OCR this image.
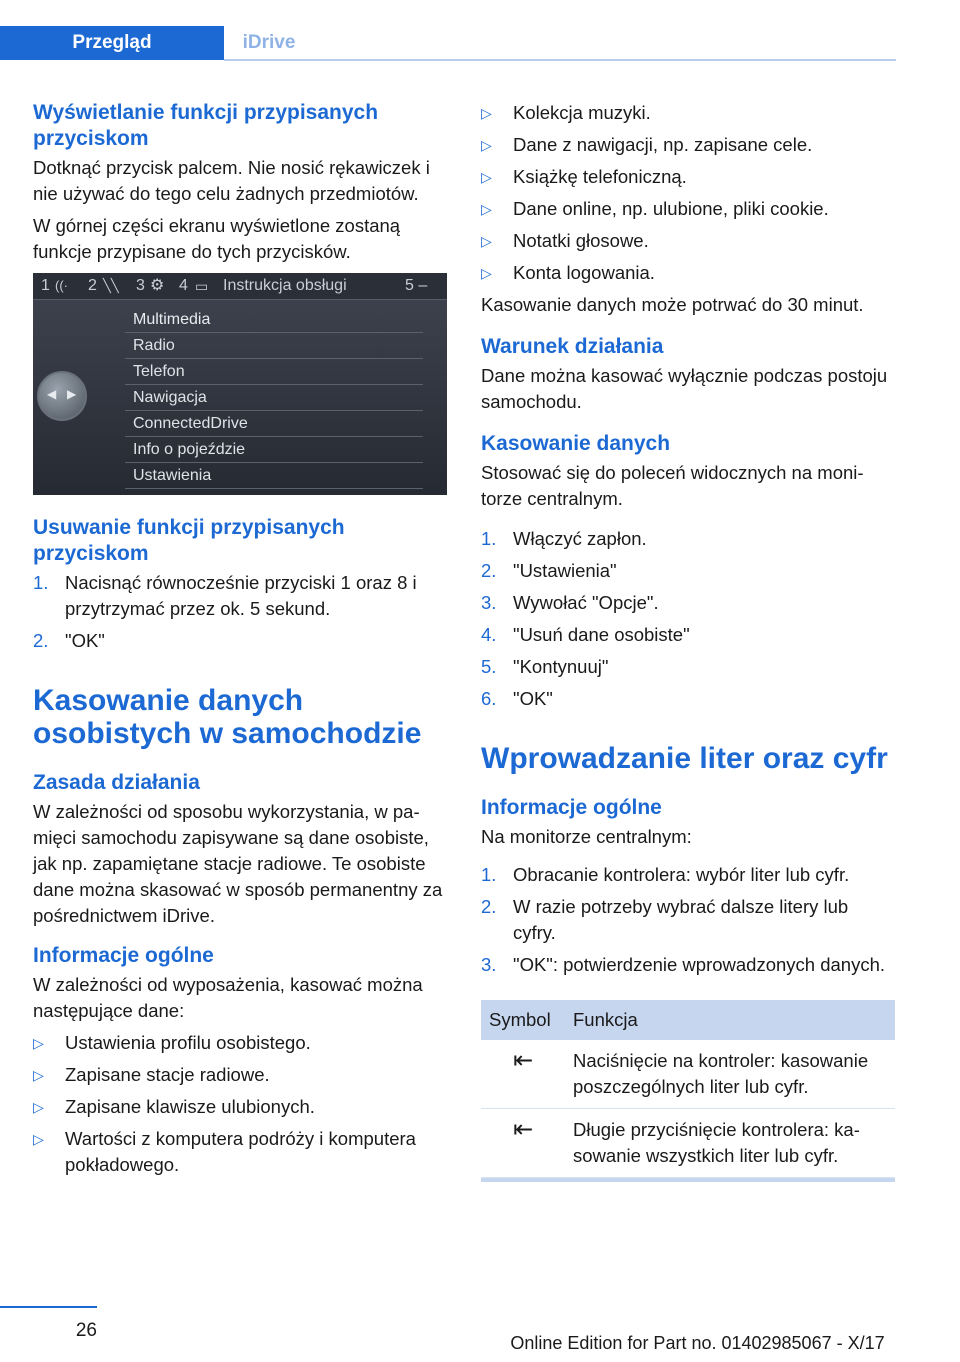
Przegląd	iDrive
Wyświetlanie funkcji przypisanych przyciskom

Dotknąć przycisk palcem. Nie nosić rękawiczek i nie używać do tego celu żadnych przedmiotów.

W górnej części ekranu wyświetlone zostaną funkcje przypisane do tych przycisków.

1 ((· 2 ╲╲ 3 ⚙ 4 ▭ Instrukcja obsługi	5 –
◀ ▶
Multimedia
Radio
Telefon
Nawigacja
ConnectedDrive
Info o pojeździe
Ustawienia
Usuwanie funkcji przypisanych przyciskom
1. Nacisnąć równocześnie przyciski 1 oraz 8 i przytrzymać przez ok. 5 sekund.
2. "OK"
Kasowanie danych osobistych w samochodzie
Zasada działania

W zależności od sposobu wykorzystania, w pamięci samochodu zapisywane są dane osobiste, jak np. zapamiętane stacje radiowe. Te osobiste dane można skasować w sposób permanentny za pośrednictwem iDrive.

Informacje ogólne

W zależności od wyposażenia, kasować można następujące dane:

▷ Ustawienia profilu osobistego.
▷ Zapisane stacje radiowe.
▷ Zapisane klawisze ulubionych.
▷ Wartości z komputera podróży i komputera pokładowego.
▷ Kolekcja muzyki.
▷ Dane z nawigacji, np. zapisane cele.
▷ Książkę telefoniczną.
▷ Dane online, np. ulubione, pliki cookie.
▷ Notatki głosowe.
▷ Konta logowania.

Kasowanie danych może potrwać do 30 minut.

Warunek działania

Dane można kasować wyłącznie podczas postoju samochodu.

Kasowanie danych

Stosować się do poleceń widocznych na monitorze centralnym.

1. Włączyć zapłon.
2. "Ustawienia"
3. Wywołać "Opcje".
4. "Usuń dane osobiste"
5. "Kontynuuj"
6. "OK"
Wprowadzanie liter oraz cyfr
Informacje ogólne

Na monitorze centralnym:

1. Obracanie kontrolera: wybór liter lub cyfr.
2. W razie potrzeby wybrać dalsze litery lub cyfry.
3. "OK": potwierdzenie wprowadzonych danych.
Symbol	Funkcja
⇤	Naciśnięcie na kontroler: kasowanie poszczególnych liter lub cyfr.
⇤	Długie przyciśnięcie kontrolera: kasowanie wszystkich liter lub cyfr.
26
Online Edition for Part no. 01402985067 - X/17
